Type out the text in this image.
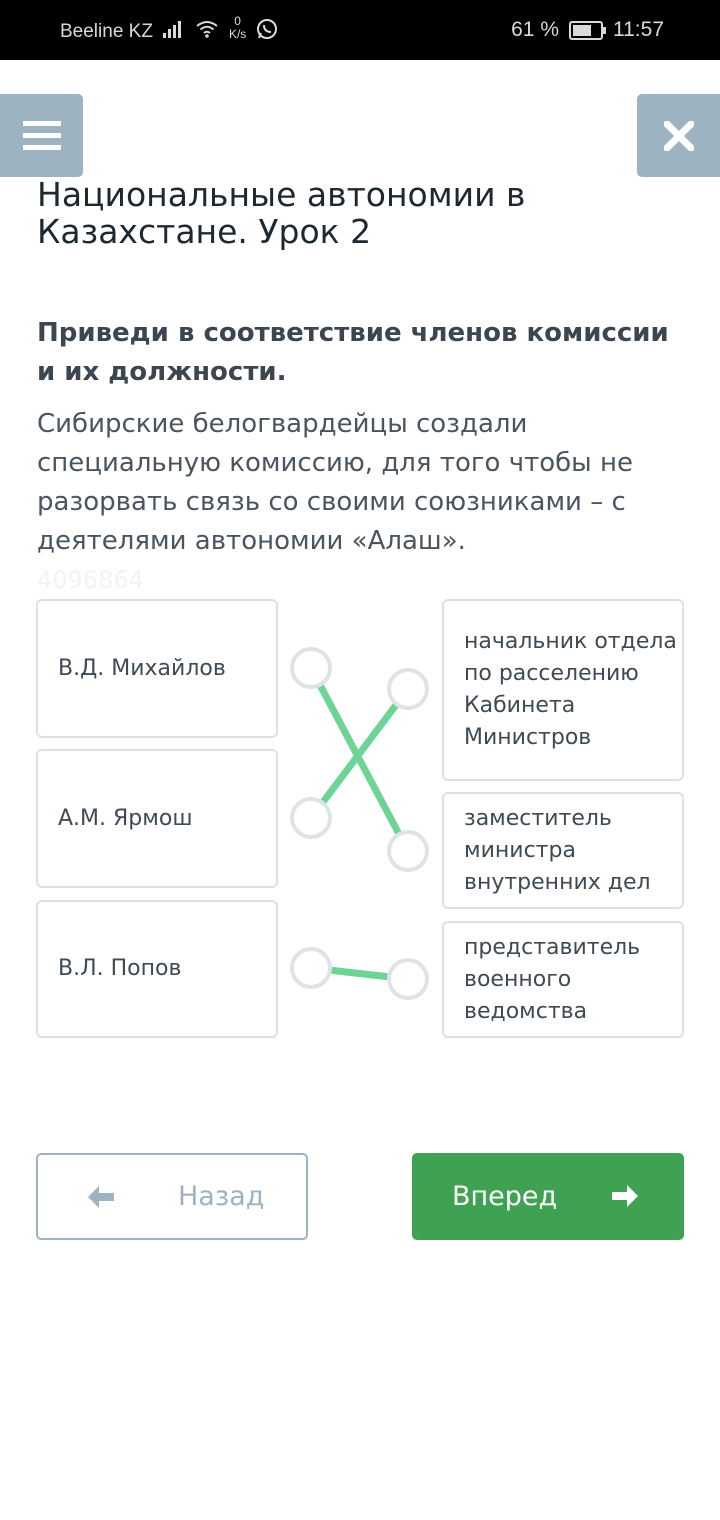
Beeline KZ	0
K/s	61 %	11:57
Национальные автономии в Казахстане. Урок 2

Приведи в соответствие членов комиссии и их должности.

Сибирские белогвардейцы создали специальную комиссию, для того чтобы не разорвать связь со своими союзниками – с деятелями автономии «Алаш».

4096864
В.Д. Михайлов
А.М. Ярмош
В.Л. Попов
начальник отдела по расселению Кабинета Министров
заместитель министра внутренних дел
представитель военного ведомства
Назад	Вперед
